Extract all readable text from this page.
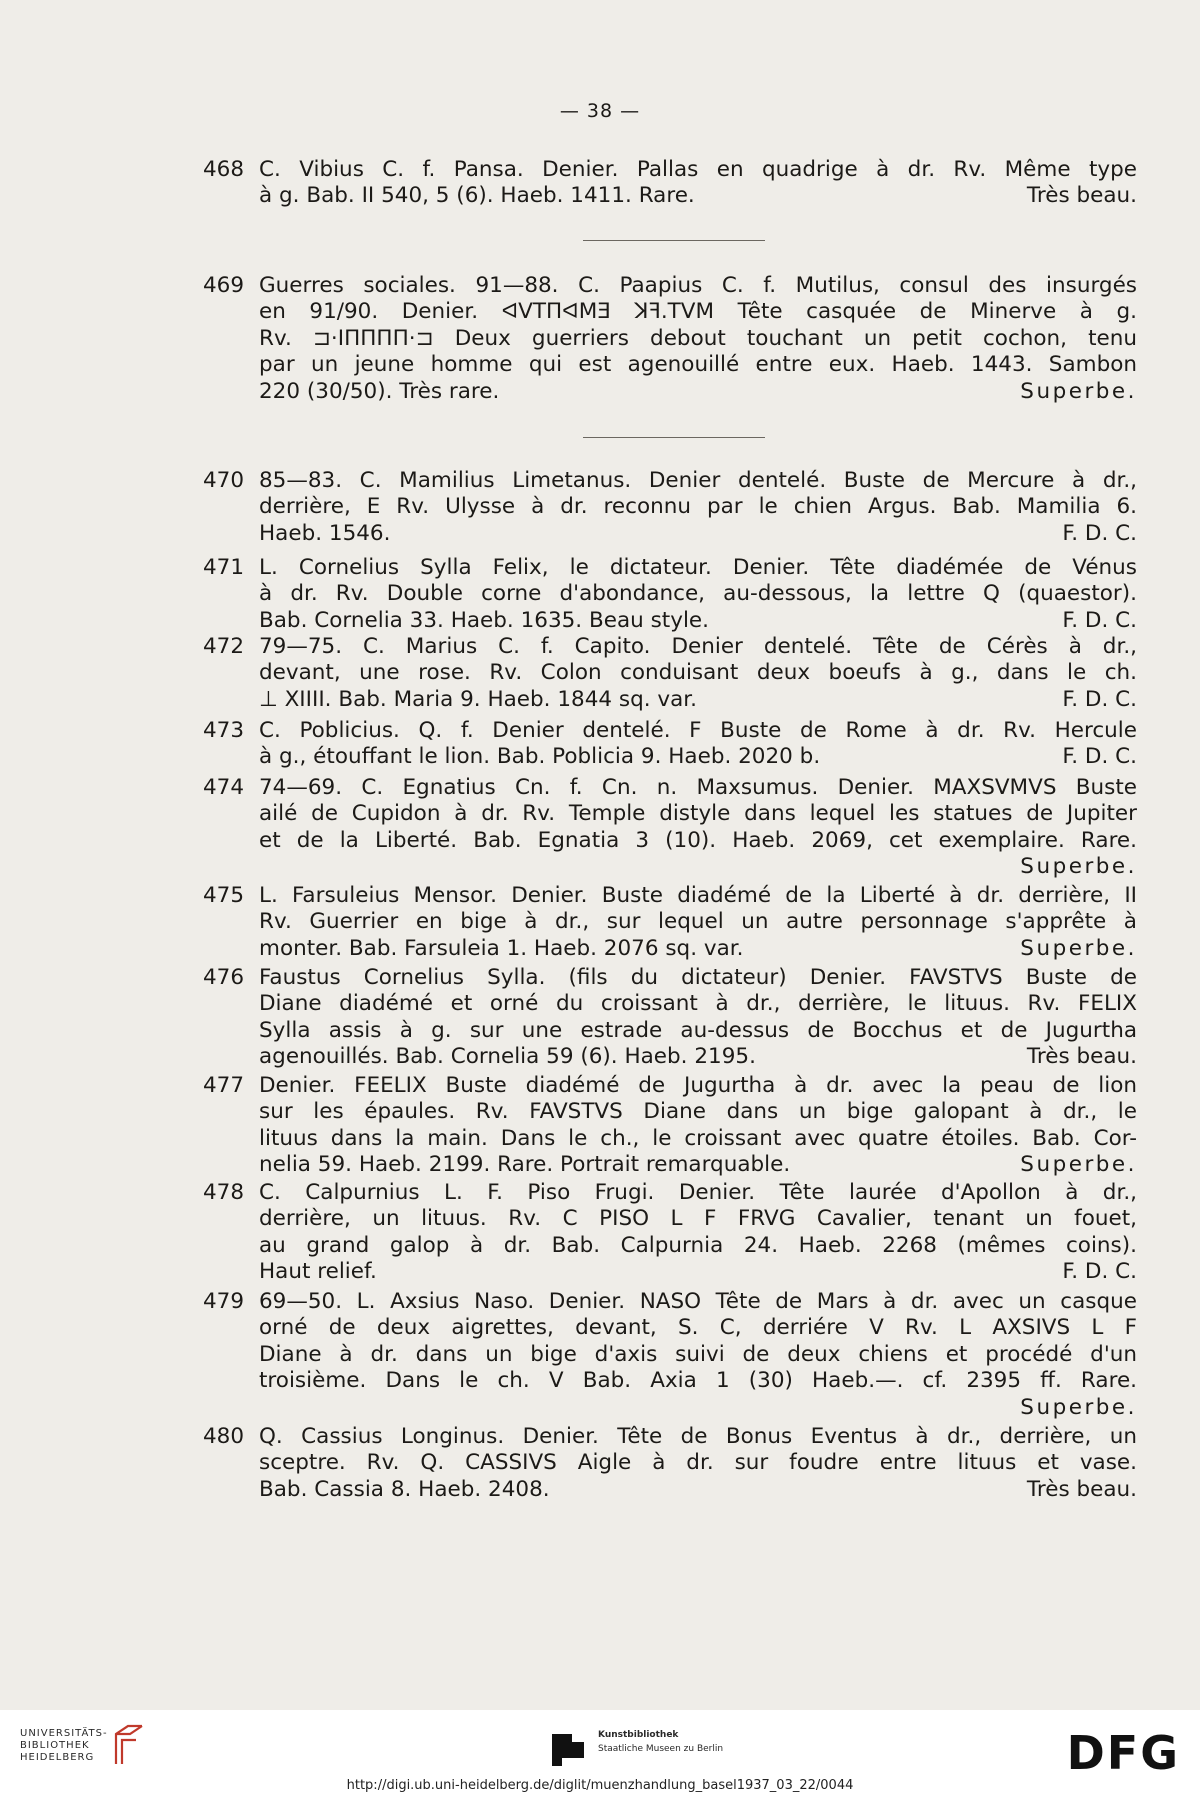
— 38 —
468 C. Vibius C. f. Pansa. Denier. Pallas en quadrige à dr. Rv. Même type
à g. Bab. II 540, 5 (6). Haeb. 1411. Rare.	Très beau.
469 Guerres sociales. 91—88. C. Paapius C. f. Mutilus, consul des insurgés
en 91/90. Denier. ᐊVTΠᐊMƎ ꓘꟻ.TVM Tête casquée de Minerve à g.
Rv. ⊐·IΠΠΠΠ·⊐ Deux guerriers debout touchant un petit cochon, tenu
par un jeune homme qui est agenouillé entre eux. Haeb. 1443. Sambon
220 (30/50). Très rare.	Superbe.
470 85—83. C. Mamilius Limetanus. Denier dentelé. Buste de Mercure à dr.,
derrière, E Rv. Ulysse à dr. reconnu par le chien Argus. Bab. Mamilia 6.
Haeb. 1546.	F. D. C.
471 L. Cornelius Sylla Felix, le dictateur. Denier. Tête diadémée de Vénus
à dr. Rv. Double corne d'abondance, au-dessous, la lettre Q (quaestor).
Bab. Cornelia 33. Haeb. 1635. Beau style.	F. D. C.
472 79—75. C. Marius C. f. Capito. Denier dentelé. Tête de Cérès à dr.,
devant, une rose. Rv. Colon conduisant deux boeufs à g., dans le ch.
⊥ XIIII. Bab. Maria 9. Haeb. 1844 sq. var.	F. D. C.
473 C. Poblicius. Q. f. Denier dentelé. F Buste de Rome à dr. Rv. Hercule
à g., étouffant le lion. Bab. Poblicia 9. Haeb. 2020 b.	F. D. C.
474 74—69. C. Egnatius Cn. f. Cn. n. Maxsumus. Denier. MAXSVMVS Buste
ailé de Cupidon à dr. Rv. Temple distyle dans lequel les statues de Jupiter
et de la Liberté. Bab. Egnatia 3 (10). Haeb. 2069, cet exemplaire. Rare.
Superbe.
475 L. Farsuleius Mensor. Denier. Buste diadémé de la Liberté à dr. derrière, II
Rv. Guerrier en bige à dr., sur lequel un autre personnage s'apprête à
monter. Bab. Farsuleia 1. Haeb. 2076 sq. var.	Superbe.
476 Faustus Cornelius Sylla. (fils du dictateur) Denier. FAVSTVS Buste de
Diane diadémé et orné du croissant à dr., derrière, le lituus. Rv. FELIX
Sylla assis à g. sur une estrade au-dessus de Bocchus et de Jugurtha
agenouillés. Bab. Cornelia 59 (6). Haeb. 2195.	Très beau.
477 Denier. FEELIX Buste diadémé de Jugurtha à dr. avec la peau de lion
sur les épaules. Rv. FAVSTVS Diane dans un bige galopant à dr., le
lituus dans la main. Dans le ch., le croissant avec quatre étoiles. Bab. Cor-
nelia 59. Haeb. 2199. Rare. Portrait remarquable.	Superbe.
478 C. Calpurnius L. F. Piso Frugi. Denier. Tête laurée d'Apollon à dr.,
derrière, un lituus. Rv. C PISO L F FRVG Cavalier, tenant un fouet,
au grand galop à dr. Bab. Calpurnia 24. Haeb. 2268 (mêmes coins).
Haut relief.	F. D. C.
479 69—50. L. Axsius Naso. Denier. NASO Tête de Mars à dr. avec un casque
orné de deux aigrettes, devant, S. C, derriére V Rv. L AXSIVS L F
Diane à dr. dans un bige d'axis suivi de deux chiens et procédé d'un
troisième. Dans le ch. V Bab. Axia 1 (30) Haeb.—. cf. 2395 ff. Rare.
Superbe.
480 Q. Cassius Longinus. Denier. Tête de Bonus Eventus à dr., derrière, un
sceptre. Rv. Q. CASSIVS Aigle à dr. sur foudre entre lituus et vase.
Bab. Cassia 8. Haeb. 2408.	Très beau.
UNIVERSITÄTS-
BIBLIOTHEK
HEIDELBERG
Kunstbibliothek
Staatliche Museen zu Berlin	DFG
http://digi.ub.uni-heidelberg.de/diglit/muenzhandlung_basel1937_03_22/0044
